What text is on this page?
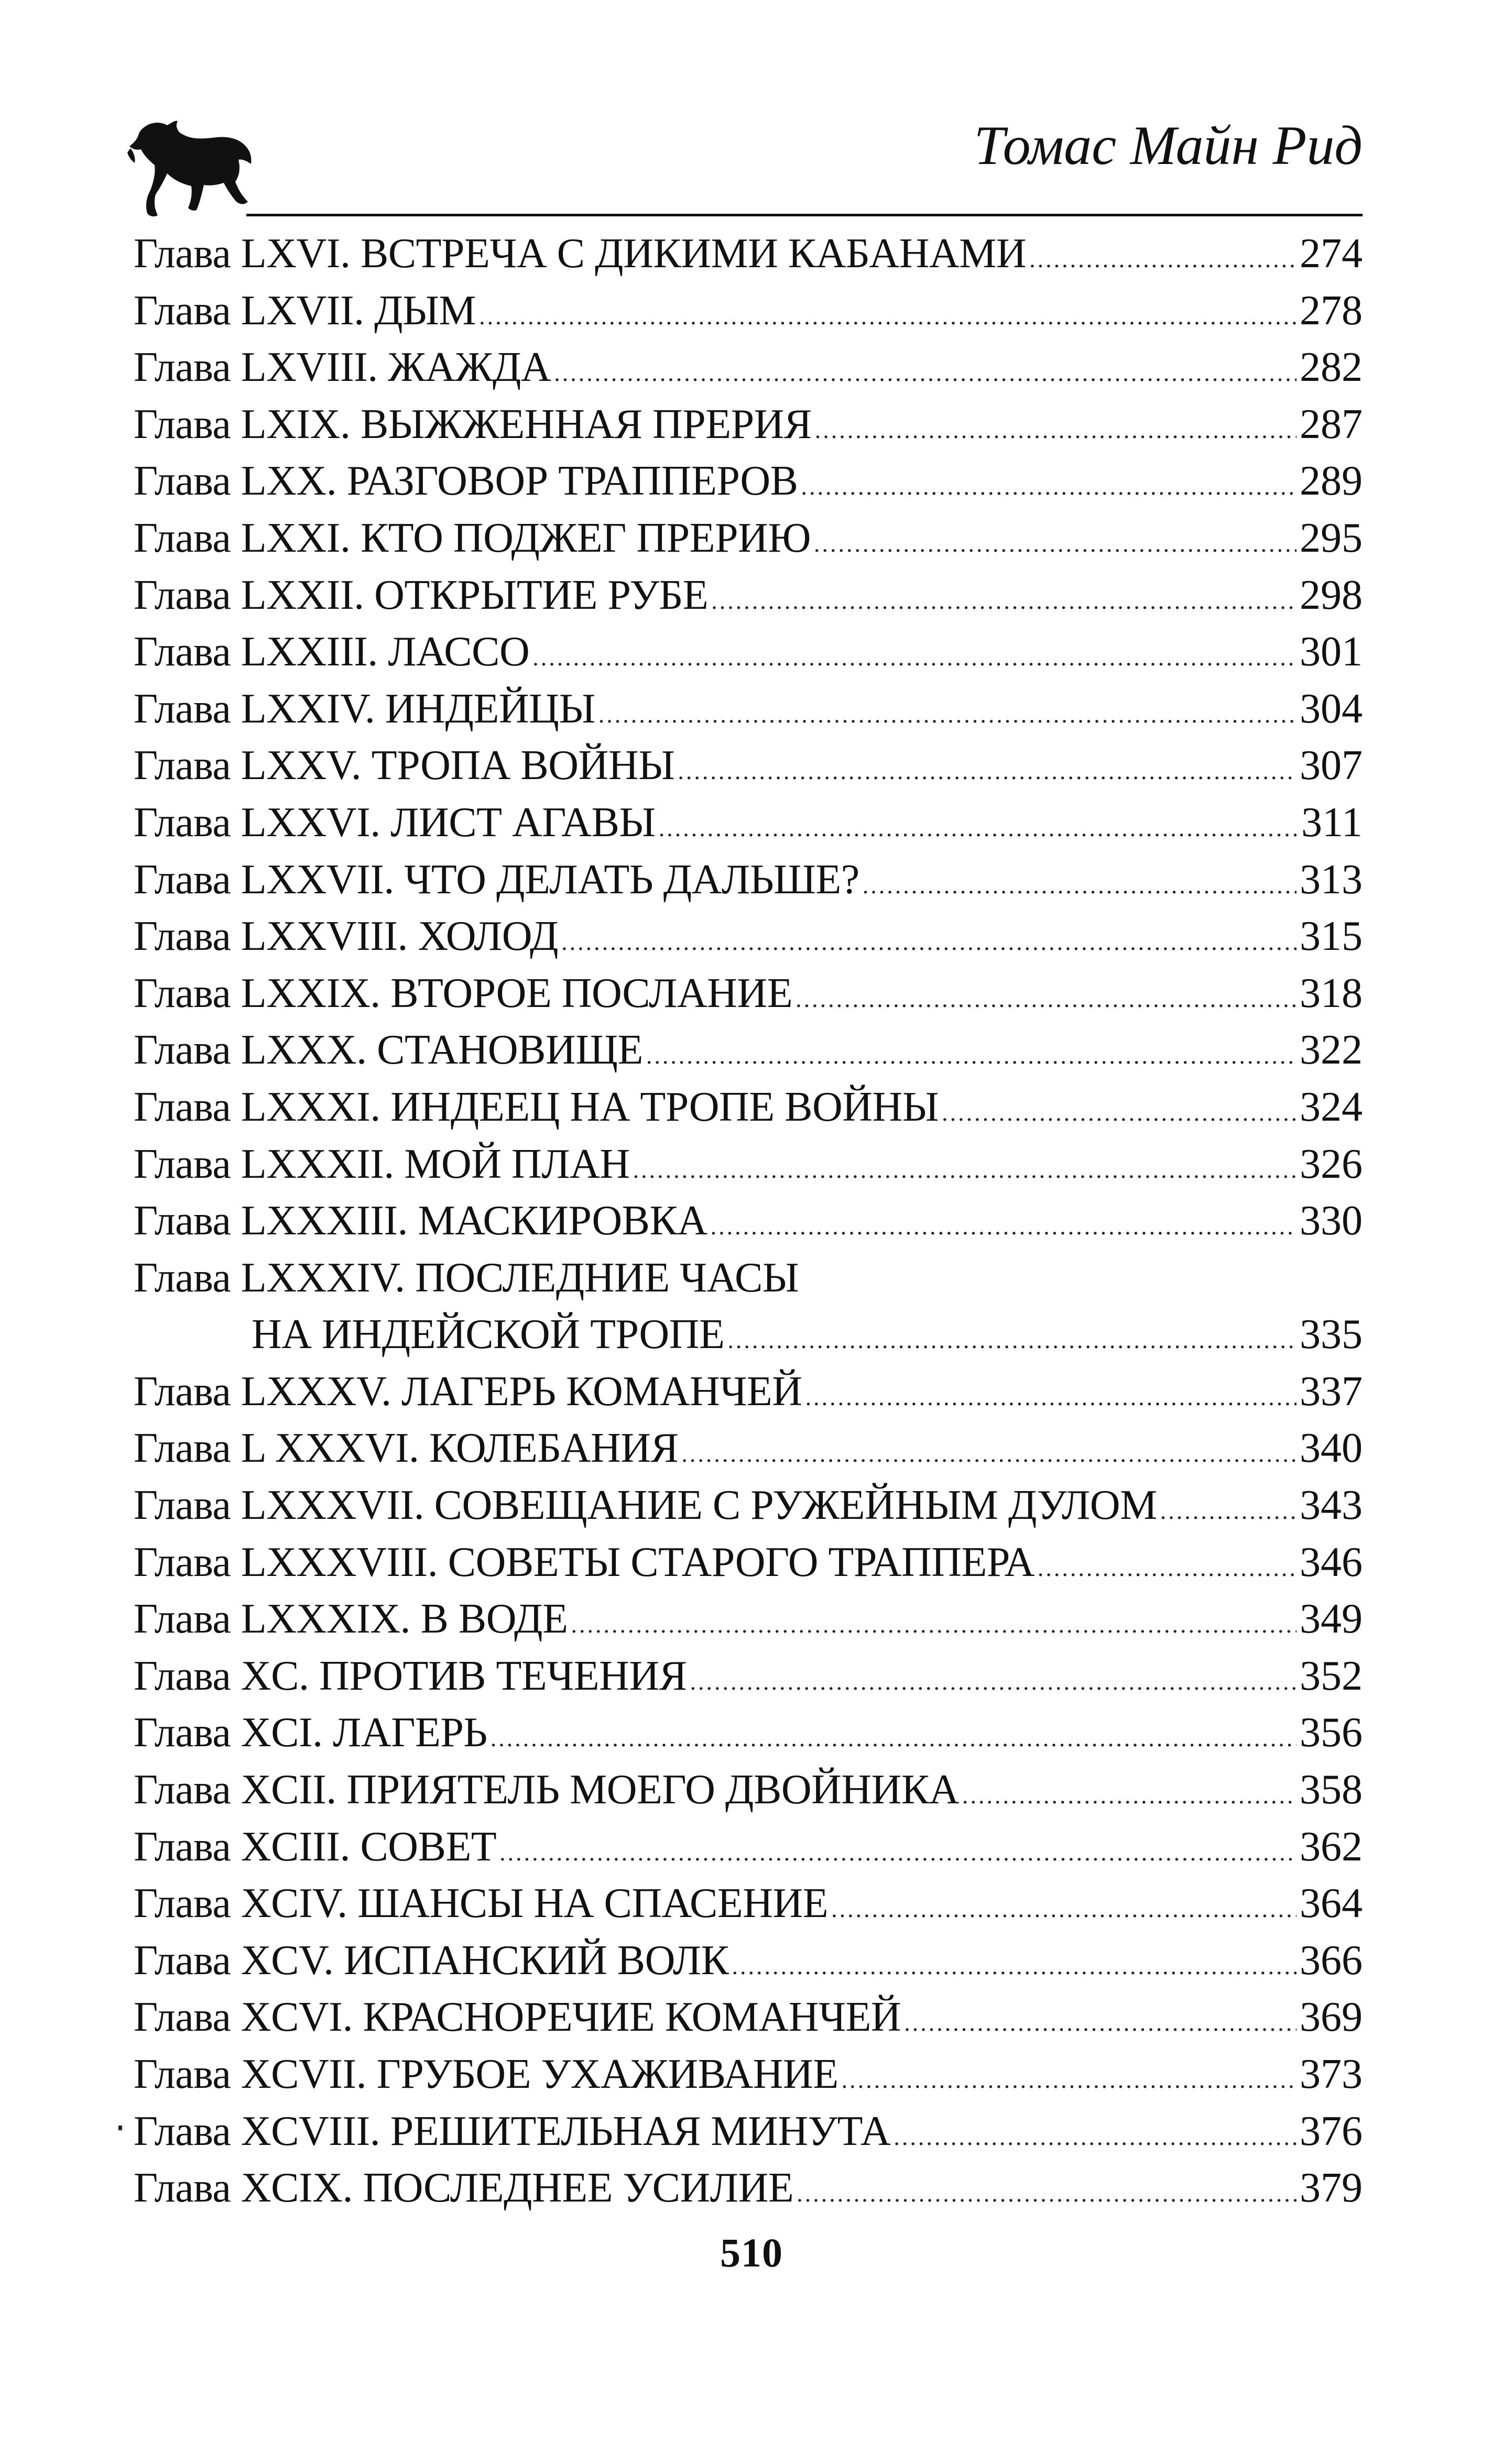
Томас Майн Рид
Глава LXVI. ВСТРЕЧА С ДИКИМИ КАБАНАМИ .....	274
Глава LXVII. ДЫМ .....	278
Глава LXVIII. ЖАЖДА .....	282
Глава LXIX. ВЫЖЖЕННАЯ ПРЕРИЯ .....	287
Глава LXX. РАЗГОВОР ТРАППЕРОВ .....	289
Глава LXXI. КТО ПОДЖЕГ ПРЕРИЮ .....	295
Глава LXXII. ОТКРЫТИЕ РУБЕ .....	298
Глава LXXIII. ЛАССО .....	301
Глава LXXIV. ИНДЕЙЦЫ .....	304
Глава LXXV. ТРОПА ВОЙНЫ .....	307
Глава LXXVI. ЛИСТ АГАВЫ .....	311
Глава LXXVII. ЧТО ДЕЛАТЬ ДАЛЬШЕ? .....	313
Глава LXXVIII. ХОЛОД .....	315
Глава LXXIX. ВТОРОЕ ПОСЛАНИЕ .....	318
Глава LXXX. СТАНОВИЩЕ .....	322
Глава LXXXI. ИНДЕЕЦ НА ТРОПЕ ВОЙНЫ .....	324
Глава LXXXII. МОЙ ПЛАН .....	326
Глава LXXXIII. МАСКИРОВКА .....	330
Глава LXXXIV. ПОСЛЕДНИЕ ЧАСЫ
НА ИНДЕЙСКОЙ ТРОПЕ .....	335
Глава LXXXV. ЛАГЕРЬ КОМАНЧЕЙ .....	337
Глава L XXXVI. КОЛЕБАНИЯ .....	340
Глава LXXXVII. СОВЕЩАНИЕ С РУЖЕЙНЫМ ДУЛОМ .....	343
Глава LXXXVIII. СОВЕТЫ СТАРОГО ТРАППЕРА .....	346
Глава LXXXIX. В ВОДЕ .....	349
Глава XC. ПРОТИВ ТЕЧЕНИЯ .....	352
Глава XCI. ЛАГЕРЬ .....	356
Глава XCII. ПРИЯТЕЛЬ МОЕГО ДВОЙНИКА .....	358
Глава XCIII. СОВЕТ .....	362
Глава XCIV. ШАНСЫ НА СПАСЕНИЕ .....	364
Глава XCV. ИСПАНСКИЙ ВОЛК .....	366
Глава XCVI. КРАСНОРЕЧИЕ КОМАНЧЕЙ .....	369
Глава XCVII. ГРУБОЕ УХАЖИВАНИЕ .....	373
Глава XCVIII. РЕШИТЕЛЬНАЯ МИНУТА .....	376
Глава XCIX. ПОСЛЕДНЕЕ УСИЛИЕ .....	379
510
